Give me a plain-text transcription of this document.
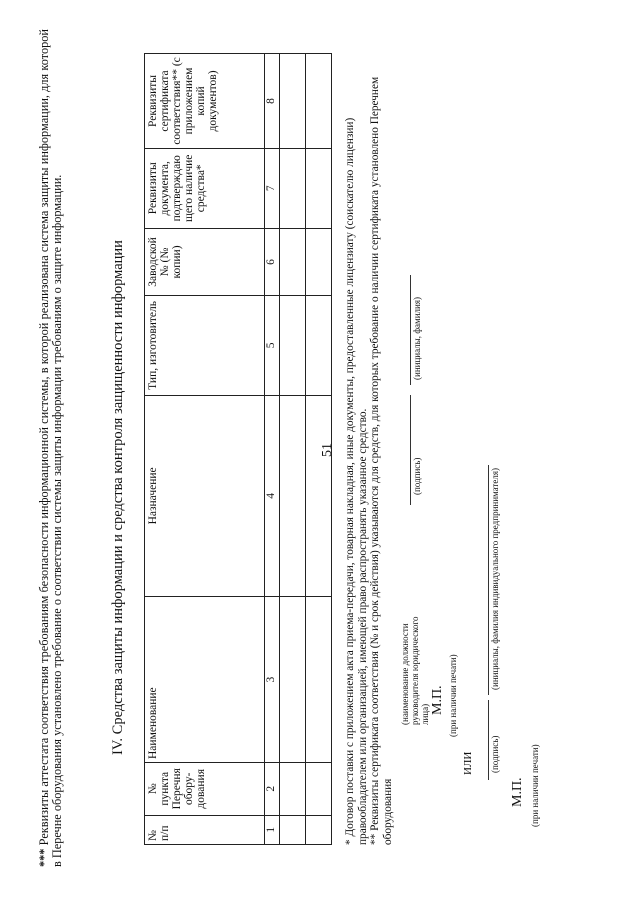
51
*** Реквизиты аттестата соответствия требованиям безопасности информационной системы, в которой реализована система защиты информации, для которой в Перечне оборудования установлено требование о соответствии системы защиты информации требованиям о защите информации.	IV. Средства защиты информации и средства контроля защищенности информации
№ п/п	№ пункта Перечня обору-дования	Наименование	Назначение	Тип, изготовитель	Заводской № (№ копии)	Реквизиты документа, подтверждаю щего наличие средства*	Реквизиты сертификата соответствия** (с приложением копий документов)
1	2	3	4	5	6	7	8

* Договор поставки с приложением акта приема-передачи, товарная накладная, иные документы, предоставленные лицензиату (соискателю лицензии) правообладателем или организацией, имеющей право распространять указанное средство. ** Реквизиты сертификата соответствия (№ и срок действия) указываются для средств, для которых требование о наличии сертификата установлено Перечнем оборудования

(наименование должности руководителя юридического лица)
(подпись)
(инициалы, фамилия)
М.П. (при наличии печати)
ИЛИ (подпись)
(инициалы, фамилия индивидуального предпринимателя)
М.П. (при наличии печати)
